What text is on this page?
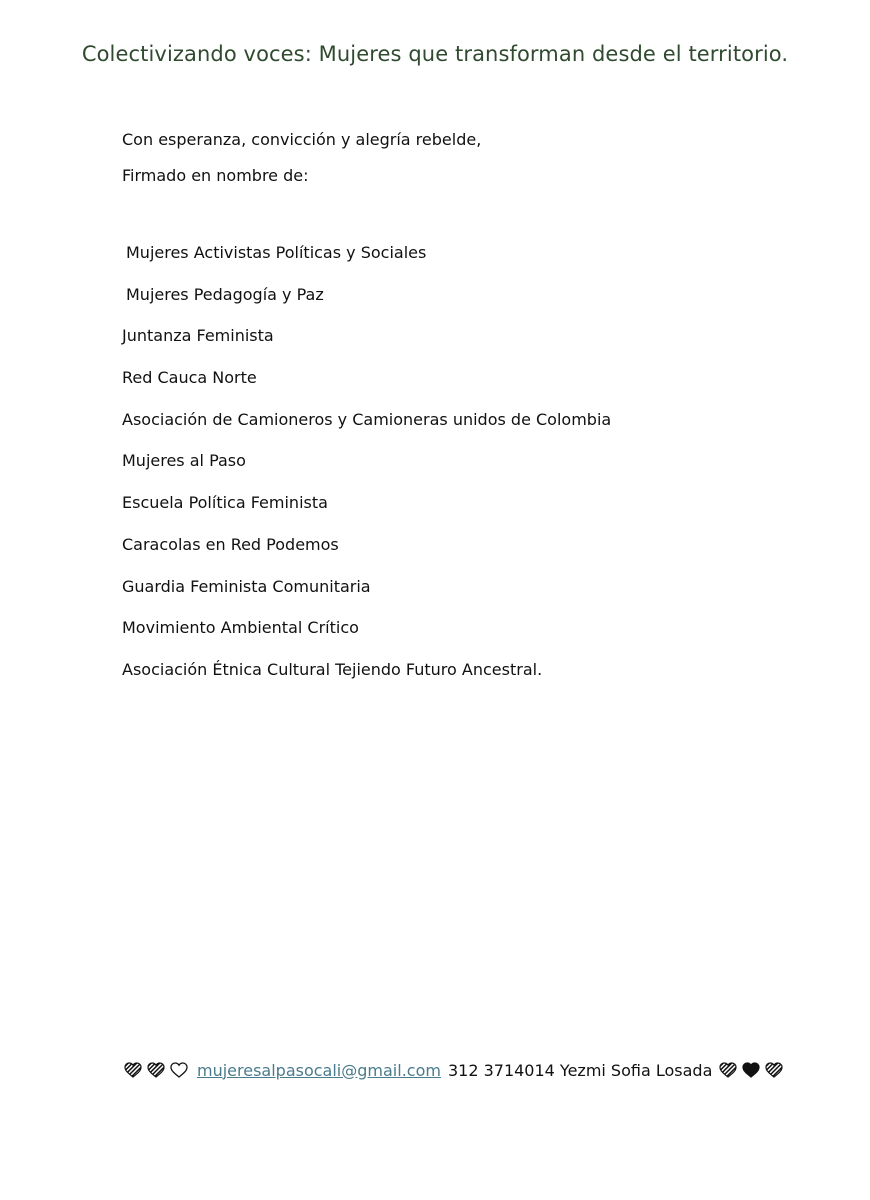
Colectivizando voces: Mujeres que transforman desde el territorio.
Con esperanza, convicción y alegría rebelde,
Firmado en nombre de:
Mujeres Activistas Políticas y Sociales
Mujeres Pedagogía y Paz
Juntanza Feminista
Red Cauca Norte
Asociación de Camioneros y Camioneras unidos de Colombia
Mujeres al Paso
Escuela Política Feminista
Caracolas en Red Podemos
Guardia Feminista Comunitaria
Movimiento Ambiental Crítico
Asociación Étnica Cultural Tejiendo Futuro Ancestral.
mujeresalpasocali@gmail.com 312 3714014 Yezmi Sofia Losada
